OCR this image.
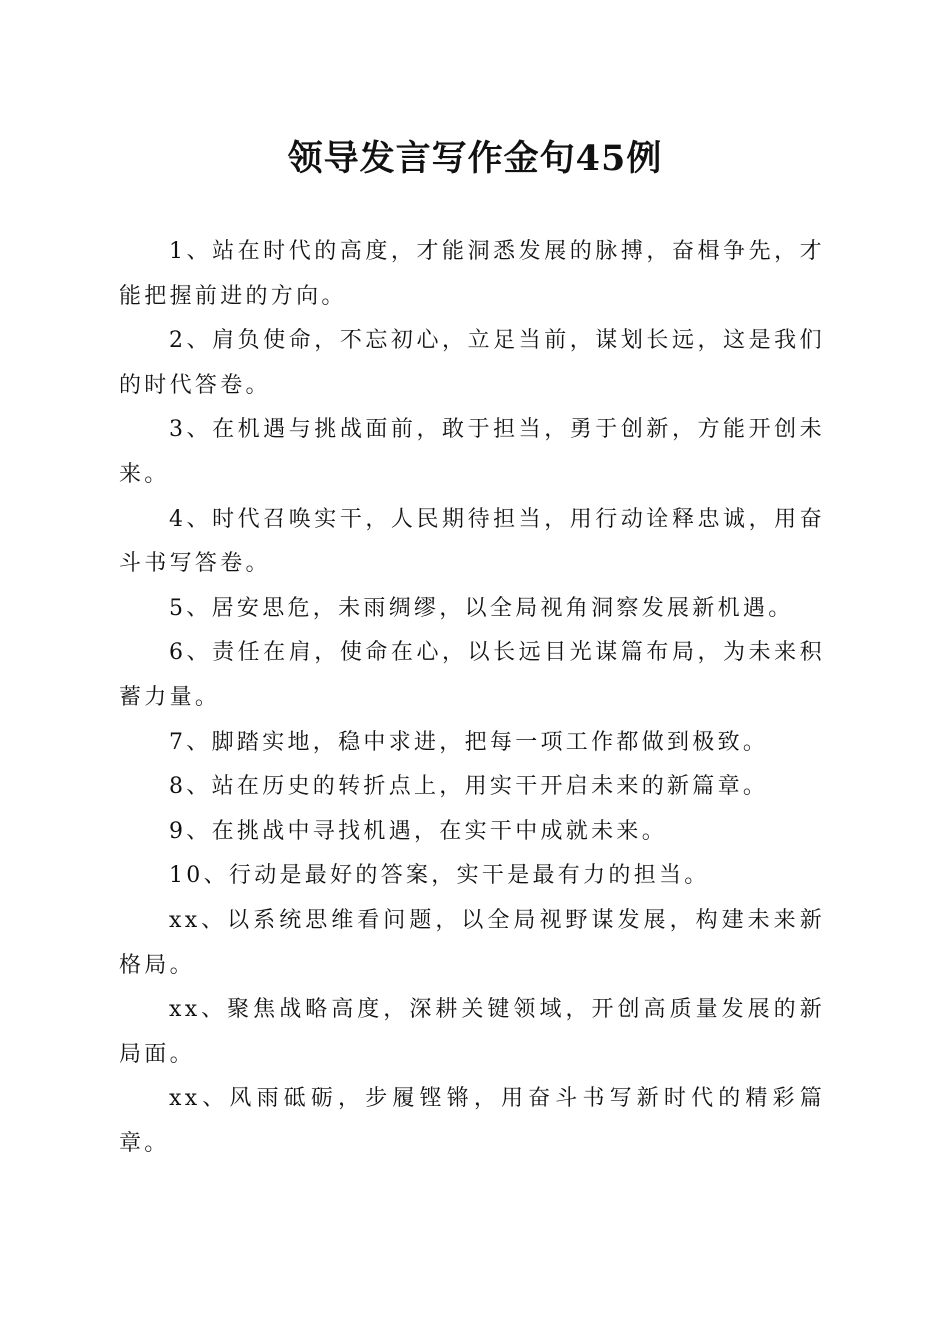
领导发言写作金句45例

1、站在时代的高度，才能洞悉发展的脉搏，奋楫争先，才能把握前进的方向。

2、肩负使命，不忘初心，立足当前，谋划长远，这是我们的时代答卷。

3、在机遇与挑战面前，敢于担当，勇于创新，方能开创未来。

4、时代召唤实干，人民期待担当，用行动诠释忠诚，用奋斗书写答卷。

5、居安思危，未雨绸缪，以全局视角洞察发展新机遇。

6、责任在肩，使命在心，以长远目光谋篇布局，为未来积蓄力量。

7、脚踏实地，稳中求进，把每一项工作都做到极致。

8、站在历史的转折点上，用实干开启未来的新篇章。

9、在挑战中寻找机遇，在实干中成就未来。

10、行动是最好的答案，实干是最有力的担当。

xx、以系统思维看问题，以全局视野谋发展，构建未来新格局。

xx、聚焦战略高度，深耕关键领域，开创高质量发展的新局面。

xx、风雨砥砺，步履铿锵，用奋斗书写新时代的精彩篇章。
